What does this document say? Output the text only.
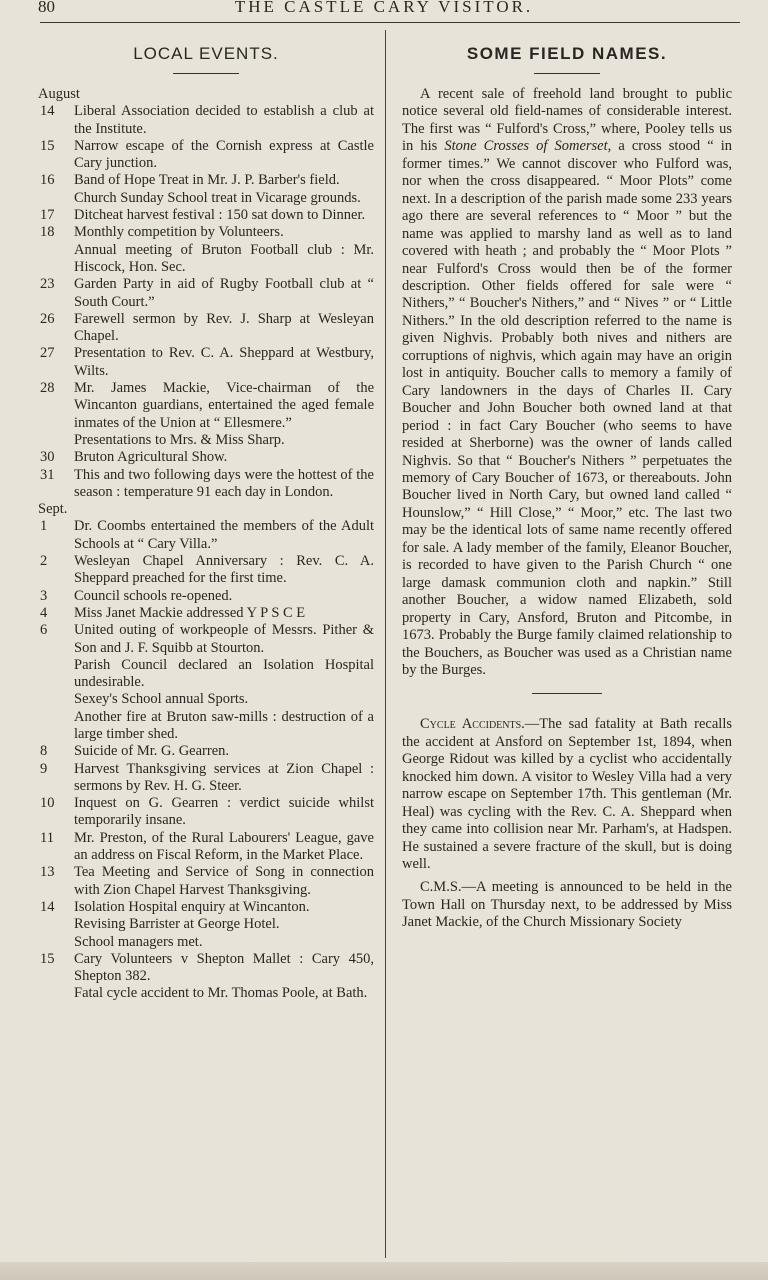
80	THE CASTLE CARY VISITOR.
LOCAL EVENTS.
August
14	Liberal Association decided to establish a club at the Institute.
15	Narrow escape of the Cornish express at Castle Cary junction.
16	Band of Hope Treat in Mr. J. P. Barber's field.
Church Sunday School treat in Vicarage grounds.
17	Ditcheat harvest festival : 150 sat down to Dinner.
18	Monthly competition by Volunteers.
Annual meeting of Bruton Football club : Mr. Hiscock, Hon. Sec.
23	Garden Party in aid of Rugby Football club at “ South Court.”
26	Farewell sermon by Rev. J. Sharp at Wesleyan Chapel.
27	Presentation to Rev. C. A. Sheppard at Westbury, Wilts.
28	Mr. James Mackie, Vice-chairman of the Wincanton guardians, entertained the aged female inmates of the Union at “ Ellesmere.”
Presentations to Mrs. & Miss Sharp.
30	Bruton Agricultural Show.
31	This and two following days were the hottest of the season : temperature 91 each day in London.
Sept.
1	Dr. Coombs entertained the members of the Adult Schools at “ Cary Villa.”
2	Wesleyan Chapel Anniversary : Rev. C. A. Sheppard preached for the first time.
3	Council schools re-opened.
4	Miss Janet Mackie addressed Y P S C E
6	United outing of workpeople of Messrs. Pither & Son and J. F. Squibb at Stourton.
Parish Council declared an Isolation Hospital undesirable.
Sexey's School annual Sports.
Another fire at Bruton saw-mills : destruction of a large timber shed.
8	Suicide of Mr. G. Gearren.
9	Harvest Thanksgiving services at Zion Chapel : sermons by Rev. H. G. Steer.
10	Inquest on G. Gearren : verdict suicide whilst temporarily insane.
11	Mr. Preston, of the Rural Labourers' League, gave an address on Fiscal Reform, in the Market Place.
13	Tea Meeting and Service of Song in connection with Zion Chapel Harvest Thanksgiving.
14	Isolation Hospital enquiry at Wincanton.
Revising Barrister at George Hotel.
School managers met.
15	Cary Volunteers v Shepton Mallet : Cary 450, Shepton 382.
Fatal cycle accident to Mr. Thomas Poole, at Bath.
SOME FIELD NAMES.

A recent sale of freehold land brought to public notice several old field-names of considerable interest. The first was “ Fulford's Cross,” where, Pooley tells us in his Stone Crosses of Somerset, a cross stood “ in former times.” We cannot discover who Fulford was, nor when the cross disappeared. “ Moor Plots” come next. In a description of the parish made some 233 years ago there are several references to “ Moor ” but the name was applied to marshy land as well as to land covered with heath ; and probably the “ Moor Plots ” near Fulford's Cross would then be of the former description. Other fields offered for sale were “ Nithers,” “ Boucher's Nithers,” and “ Nives ” or “ Little Nithers.” In the old description referred to the name is given Nighvis. Probably both nives and nithers are corruptions of nighvis, which again may have an origin lost in antiquity. Boucher calls to memory a family of Cary landowners in the days of Charles II. Cary Boucher and John Boucher both owned land at that period : in fact Cary Boucher (who seems to have resided at Sherborne) was the owner of lands called Nighvis. So that “ Boucher's Nithers ” perpetuates the memory of Cary Boucher of 1673, or thereabouts. John Boucher lived in North Cary, but owned land called “ Hounslow,” “ Hill Close,” “ Moor,” etc. The last two may be the identical lots of same name recently offered for sale. A lady member of the family, Eleanor Boucher, is recorded to have given to the Parish Church “ one large damask communion cloth and napkin.” Still another Boucher, a widow named Elizabeth, sold property in Cary, Ansford, Bruton and Pitcombe, in 1673. Probably the Burge family claimed relationship to the Bouchers, as Boucher was used as a Christian name by the Burges.

Cycle Accidents.—The sad fatality at Bath recalls the accident at Ansford on September 1st, 1894, when George Ridout was killed by a cyclist who accidentally knocked him down. A visitor to Wesley Villa had a very narrow escape on September 17th. This gentleman (Mr. Heal) was cycling with the Rev. C. A. Sheppard when they came into collision near Mr. Parham's, at Hadspen. He sustained a severe fracture of the skull, but is doing well.

C.M.S.—A meeting is announced to be held in the Town Hall on Thursday next, to be addressed by Miss Janet Mackie, of the Church Missionary Society
